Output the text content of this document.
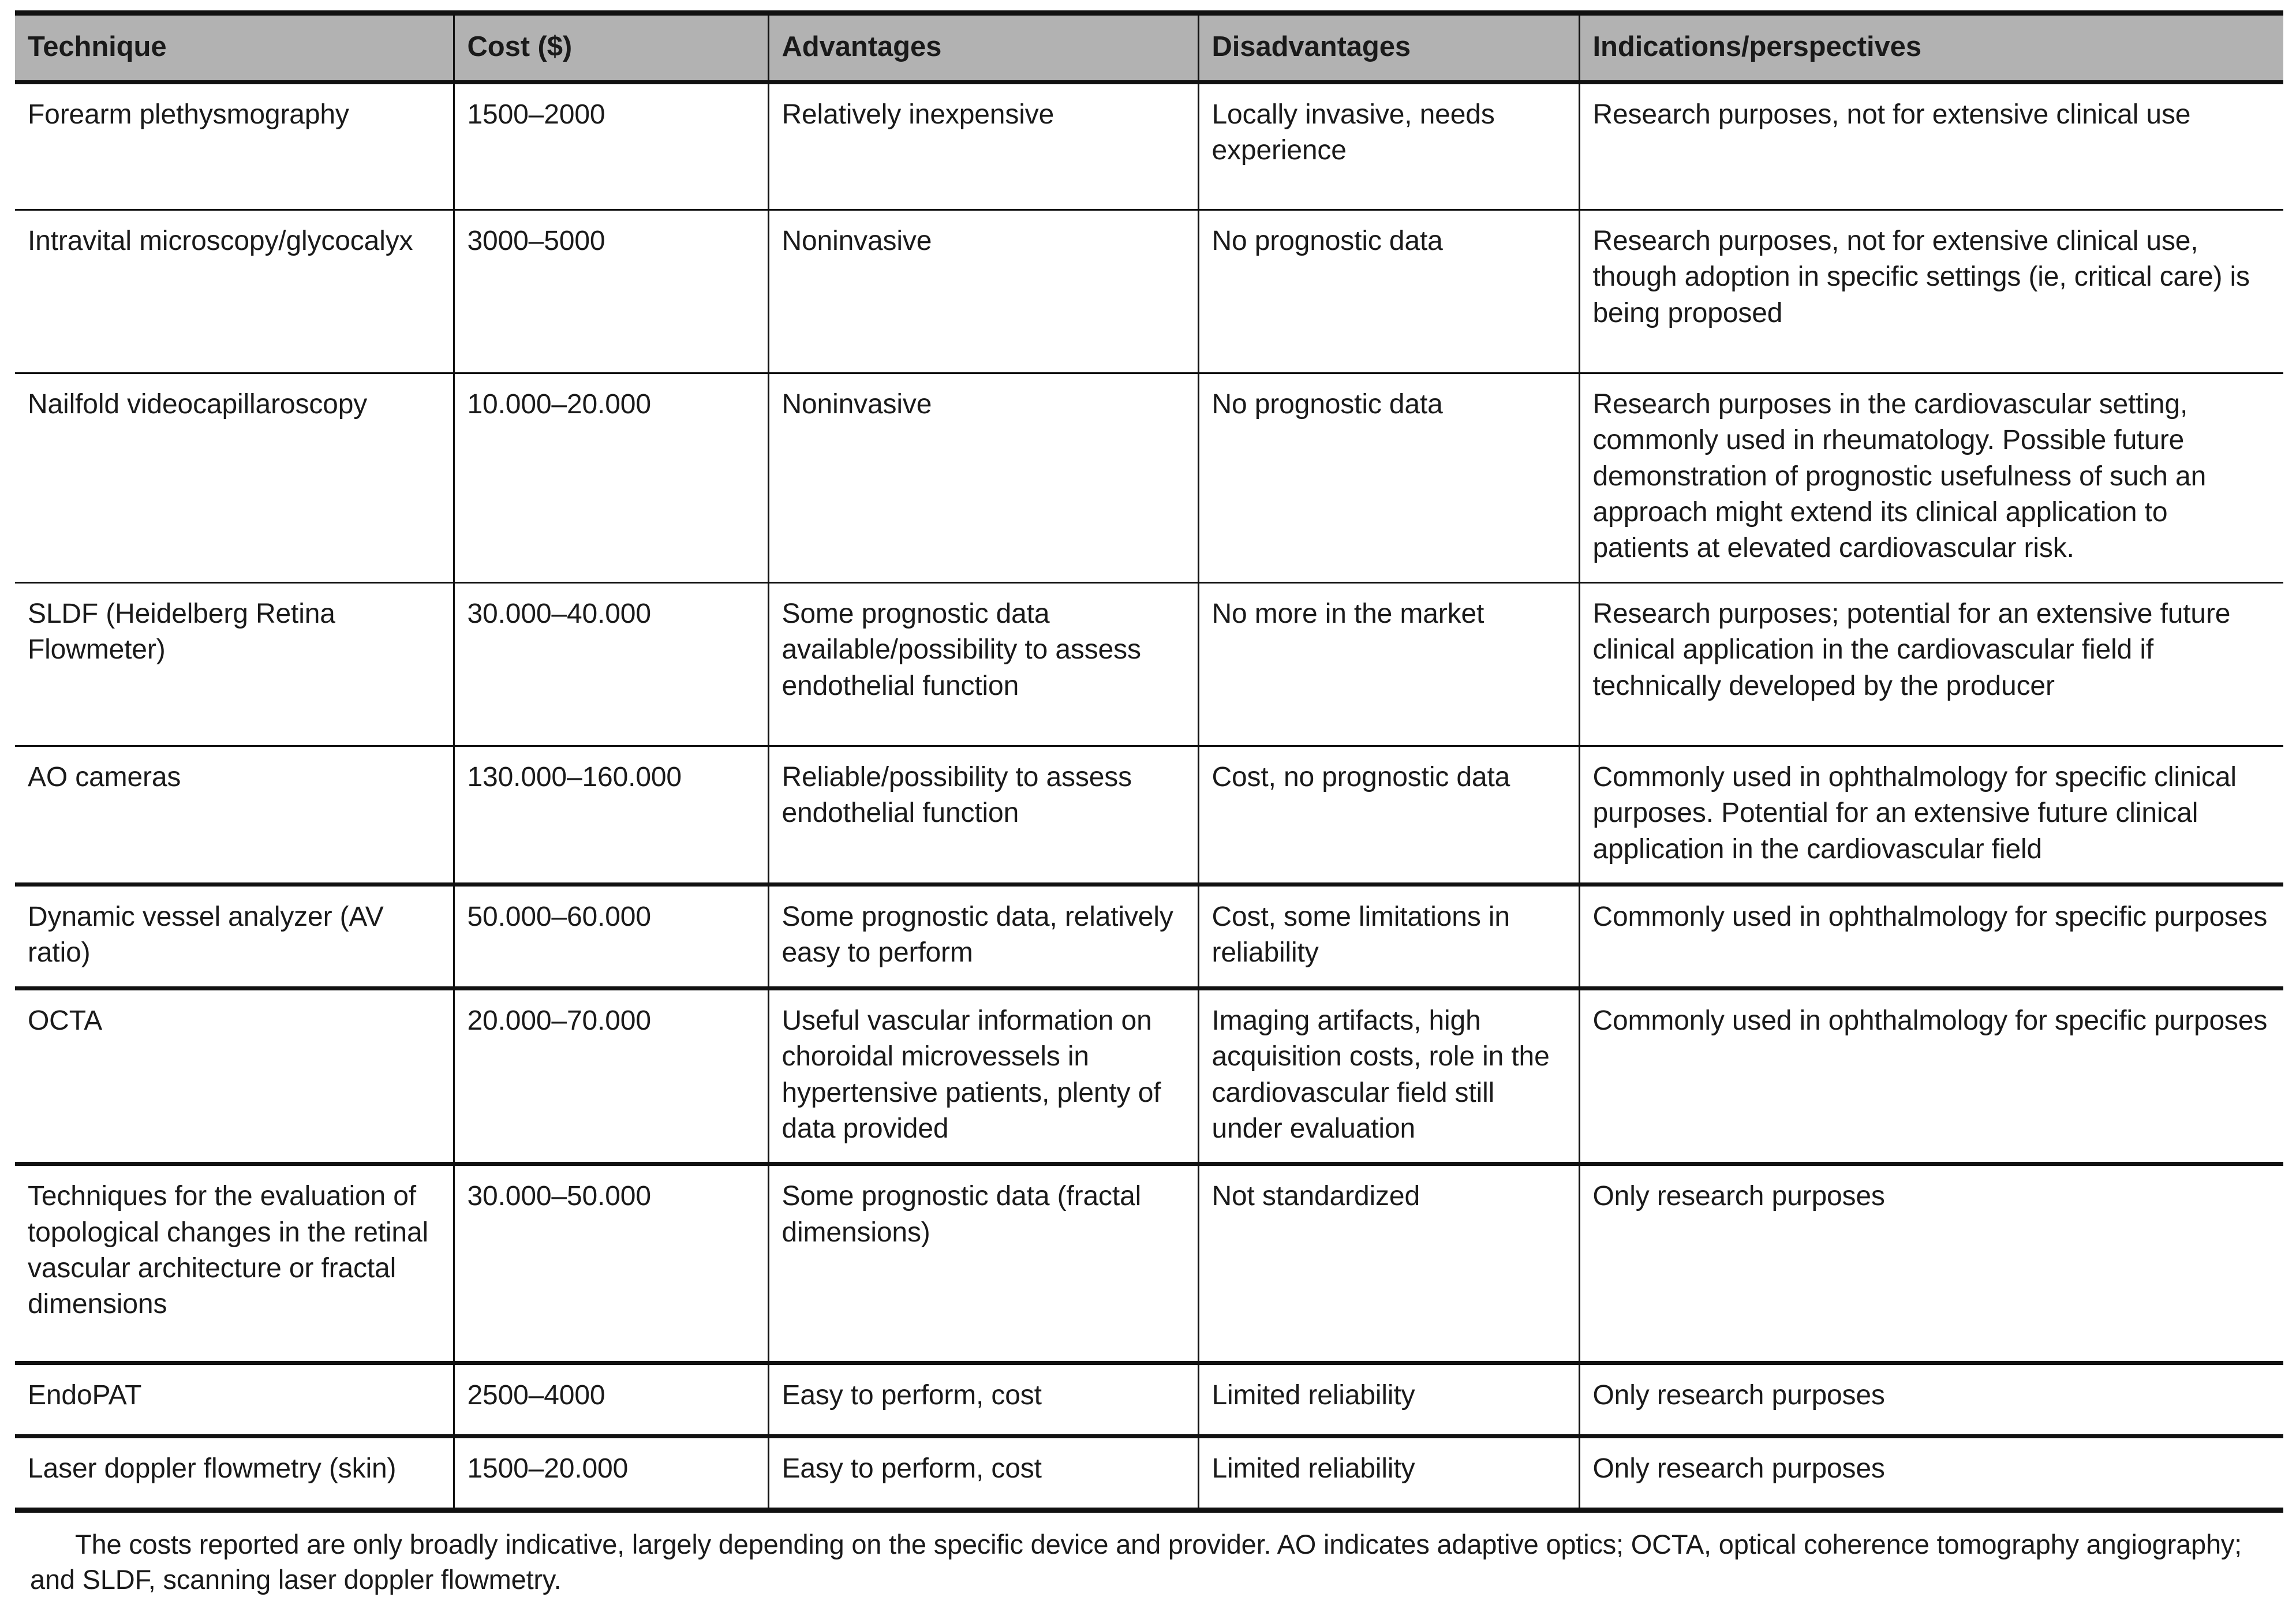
Technique	Cost ($)	Advantages	Disadvantages	Indications/perspectives
Forearm plethysmography	1500–2000	Relatively inexpensive	Locally invasive, needs experience	Research purposes, not for extensive clinical use
Intravital microscopy/glycocalyx	3000–5000	Noninvasive	No prognostic data	Research purposes, not for extensive clinical use, though adoption in specific settings (ie, critical care) is being proposed
Nailfold videocapillaroscopy	10.000–20.000	Noninvasive	No prognostic data	Research purposes in the cardiovascular setting, commonly used in rheumatology. Possible future demonstration of prognostic usefulness of such an approach might extend its clinical application to patients at elevated cardiovascular risk.
SLDF (Heidelberg Retina Flowmeter)	30.000–40.000	Some prognostic data available/possibility to assess endothelial function	No more in the market	Research purposes; potential for an extensive future clinical application in the cardiovascular field if technically developed by the producer
AO cameras	130.000–160.000	Reliable/possibility to assess endothelial function	Cost, no prognostic data	Commonly used in ophthalmology for specific clinical purposes. Potential for an extensive future clinical application in the cardiovascular field
Dynamic vessel analyzer (AV ratio)	50.000–60.000	Some prognostic data, relatively easy to perform	Cost, some limitations in reliability	Commonly used in ophthalmology for specific purposes
OCTA	20.000–70.000	Useful vascular information on choroidal microvessels in hypertensive patients, plenty of data provided	Imaging artifacts, high acquisition costs, role in the cardiovascular field still under evaluation	Commonly used in ophthalmology for specific purposes
Techniques for the evaluation of topological changes in the retinal vascular architecture or fractal dimensions	30.000–50.000	Some prognostic data (fractal dimensions)	Not standardized	Only research purposes
EndoPAT	2500–4000	Easy to perform, cost	Limited reliability	Only research purposes
Laser doppler flowmetry (skin)	1500–20.000	Easy to perform, cost	Limited reliability	Only research purposes

The costs reported are only broadly indicative, largely depending on the specific device and provider. AO indicates adaptive optics; OCTA, optical coherence tomography angiography; and SLDF, scanning laser doppler flowmetry.
